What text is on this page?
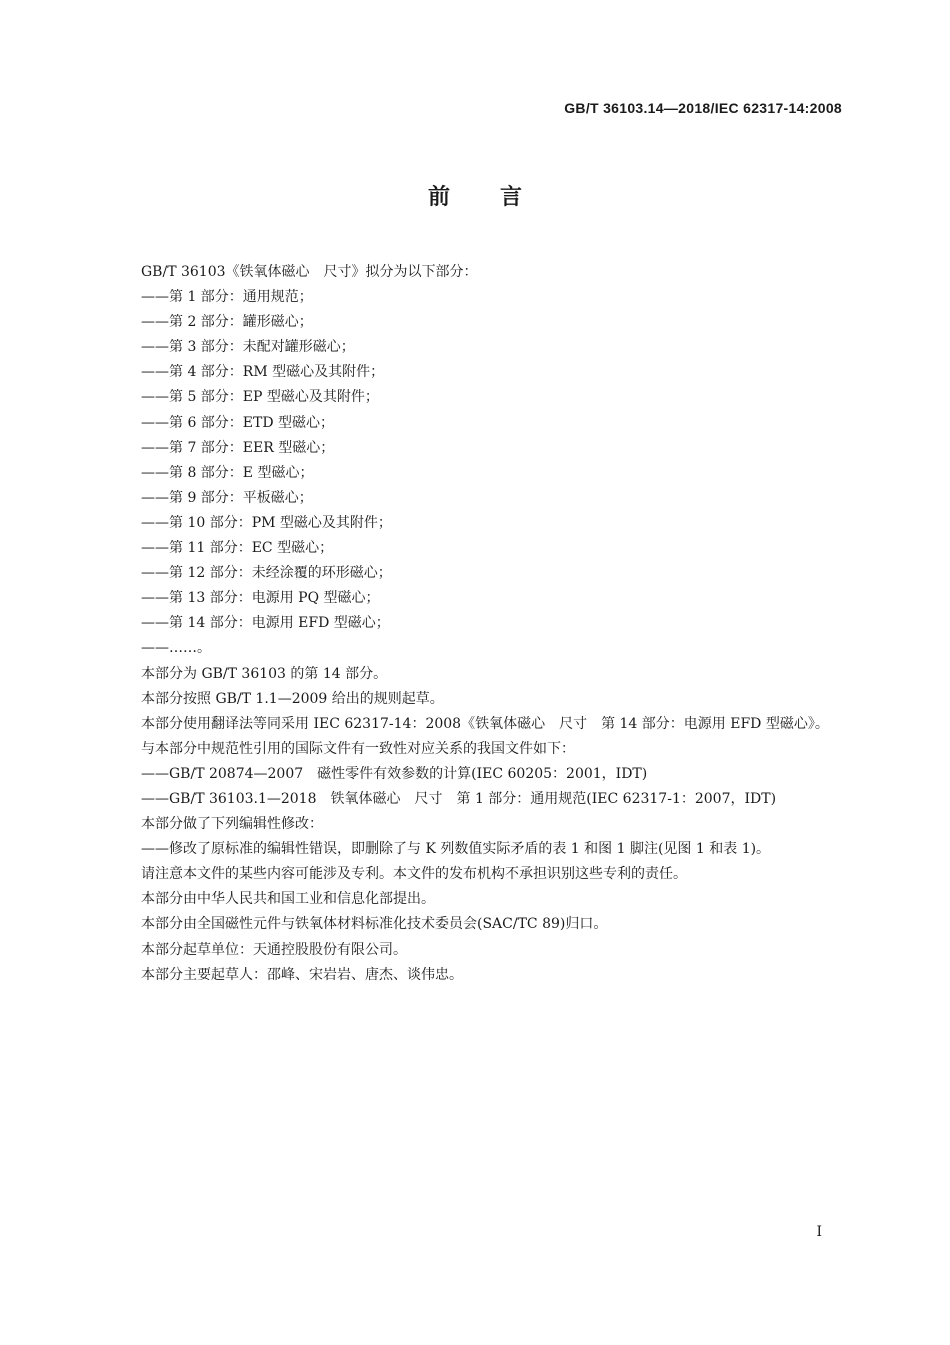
GB/T 36103.14—2018/IEC 62317-14:2008
前言

GB/T 36103《铁氧体磁心　尺寸》拟分为以下部分：

——第 1 部分：通用规范；

——第 2 部分：罐形磁心；

——第 3 部分：未配对罐形磁心；

——第 4 部分：RM 型磁心及其附件；

——第 5 部分：EP 型磁心及其附件；

——第 6 部分：ETD 型磁心；

——第 7 部分：EER 型磁心；

——第 8 部分：E 型磁心；

——第 9 部分：平板磁心；

——第 10 部分：PM 型磁心及其附件；

——第 11 部分：EC 型磁心；

——第 12 部分：未经涂覆的环形磁心；

——第 13 部分：电源用 PQ 型磁心；

——第 14 部分：电源用 EFD 型磁心；

——……。

本部分为 GB/T 36103 的第 14 部分。

本部分按照 GB/T 1.1—2009 给出的规则起草。

本部分使用翻译法等同采用 IEC 62317-14：2008《铁氧体磁心　尺寸　第 14 部分：电源用 EFD 型磁心》。

与本部分中规范性引用的国际文件有一致性对应关系的我国文件如下：

——GB/T 20874—2007　磁性零件有效参数的计算(IEC 60205：2001，IDT)

——GB/T 36103.1—2018　铁氧体磁心　尺寸　第 1 部分：通用规范(IEC 62317-1：2007，IDT)

本部分做了下列编辑性修改：

——修改了原标准的编辑性错误，即删除了与 K 列数值实际矛盾的表 1 和图 1 脚注(见图 1 和表 1)。

请注意本文件的某些内容可能涉及专利。本文件的发布机构不承担识别这些专利的责任。

本部分由中华人民共和国工业和信息化部提出。

本部分由全国磁性元件与铁氧体材料标准化技术委员会(SAC/TC 89)归口。

本部分起草单位：天通控股股份有限公司。

本部分主要起草人：邵峰、宋岩岩、唐杰、谈伟忠。

I
